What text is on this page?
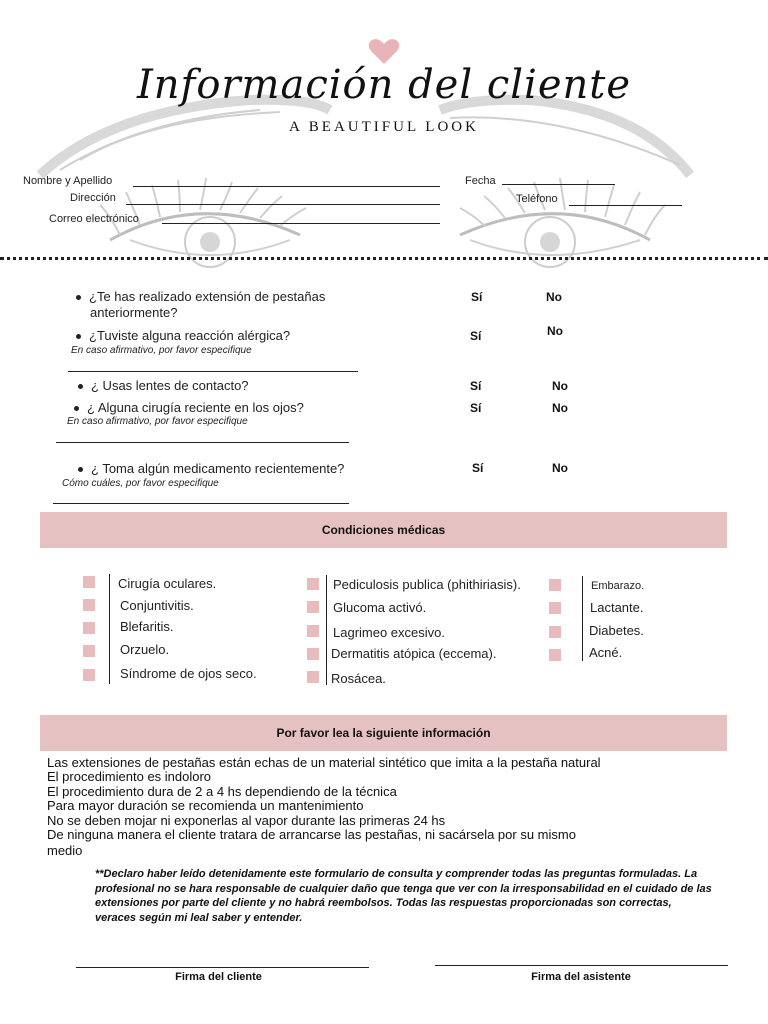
Información del cliente
A BEAUTIFUL LOOK
Nombre y Apellido	Fecha
Dirección	Teléfono
Correo electrónico
¿Te has realizado extensión de pestañas
anteriormente?
Sí	No
¿Tuviste alguna reacción alérgica?
En caso afirmativo, por favor especifique
Sí	No
¿ Usas lentes de contacto?	Sí	No
¿ Alguna cirugía reciente en los ojos?
En caso afirmativo, por favor especifique
Sí	No
¿ Toma algún medicamento recientemente?
Cómo cuáles, por favor especifique
Sí	No
Condiciones médicas
Cirugía oculares.
Conjuntivitis.
Blefaritis.
Orzuelo.
Síndrome de ojos seco.
Pediculosis publica (phithiriasis).
Glucoma activó.
Lagrimeo excesivo.
Dermatitis atópica (eccema).
Rosácea.
Embarazo.
Lactante.
Diabetes.
Acné.
Por favor lea la siguiente información
Las extensiones de pestañas están echas de un material sintético que imita a la pestaña natural
El procedimiento es indoloro
El procedimiento dura de 2 a 4 hs dependiendo de la técnica
Para mayor duración se recomienda un mantenimiento
No se deben mojar ni exponerlas al vapor durante las primeras 24 hs
De ninguna manera el cliente tratara de arrancarse las pestañas, ni sacársela por su mismo
medio
**Declaro haber leído detenidamente este formulario de consulta y comprender todas las preguntas formuladas. La profesional no se hara responsable de cualquier daño que tenga que ver con la irresponsabilidad en el cuidado de las extensiones por parte del cliente y no habrá reembolsos. Todas las respuestas proporcionadas son correctas, veraces según mi leal saber y entender.
Firma del cliente	Firma del asistente
